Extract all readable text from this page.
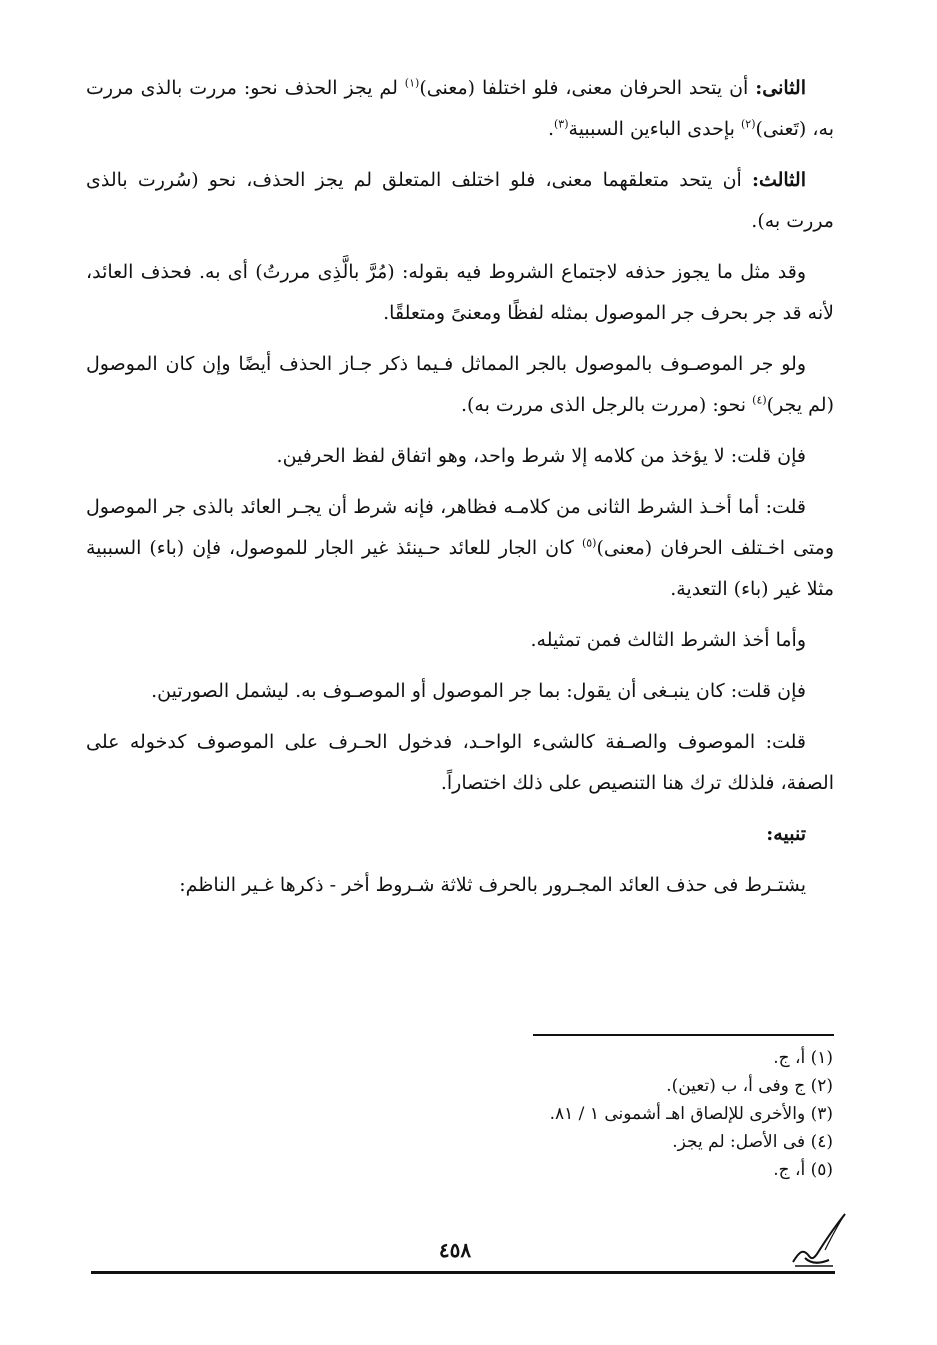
الثانى: أن يتحد الحرفان معنى، فلو اختلفا (معنى)$^{(١)}$ لم يجز الحذف نحو: مررت بالذى مررت به، (تَعنى)$^{(٢)}$ بإحدى الباءين السببية$^{(٣)}$.

الثالث: أن يتحد متعلقهما معنى، فلو اختلف المتعلق لم يجز الحذف، نحو (سُررت بالذى مررت به).

وقد مثل ما يجوز حذفه لاجتماع الشروط فيه بقوله: (مُرَّ بالَّذِى مررتُ) أى به. فحذف العائد، لأنه قد جر بحرف جر الموصول بمثله لفظًا ومعنىً ومتعلقًا.

ولو جر الموصـوف بالموصول بالجر المماثل فـيما ذكر جـاز الحذف أيضًا وإن كان الموصول (لم يجر)$^{(٤)}$ نحو: (مررت بالرجل الذى مررت به).

فإن قلت: لا يؤخذ من كلامه إلا شرط واحد، وهو اتفاق لفظ الحرفين.

قلت: أما أخـذ الشرط الثانى من كلامـه فظاهر، فإنه شرط أن يجـر العائد بالذى جر الموصول ومتى اخـتلف الحرفان (معنى)$^{(٥)}$ كان الجار للعائد حـينئذ غير الجار للموصول، فإن (باء) السببية مثلا غير (باء) التعدية.

وأما أخذ الشرط الثالث فمن تمثيله.

فإن قلت: كان ينبـغى أن يقول: بما جر الموصول أو الموصـوف به. ليشمل الصورتين.

قلت: الموصوف والصـفة كالشىء الواحـد، فدخول الحـرف على الموصوف كدخوله على الصفة، فلذلك ترك هنا التنصيص على ذلك اختصاراً.

تنبيه:

يشتـرط فى حذف العائد المجـرور بالحرف ثلاثة شـروط أخر - ذكرها غـير الناظم:

(١) أ، ج.

(٢) ج وفى أ، ب (تعين).

(٣) والأخرى للإلصاق اهـ أشمونى ١ / ٨١.

(٤) فى الأصل: لم يجز.

(٥) أ، ج.

٤٥٨
